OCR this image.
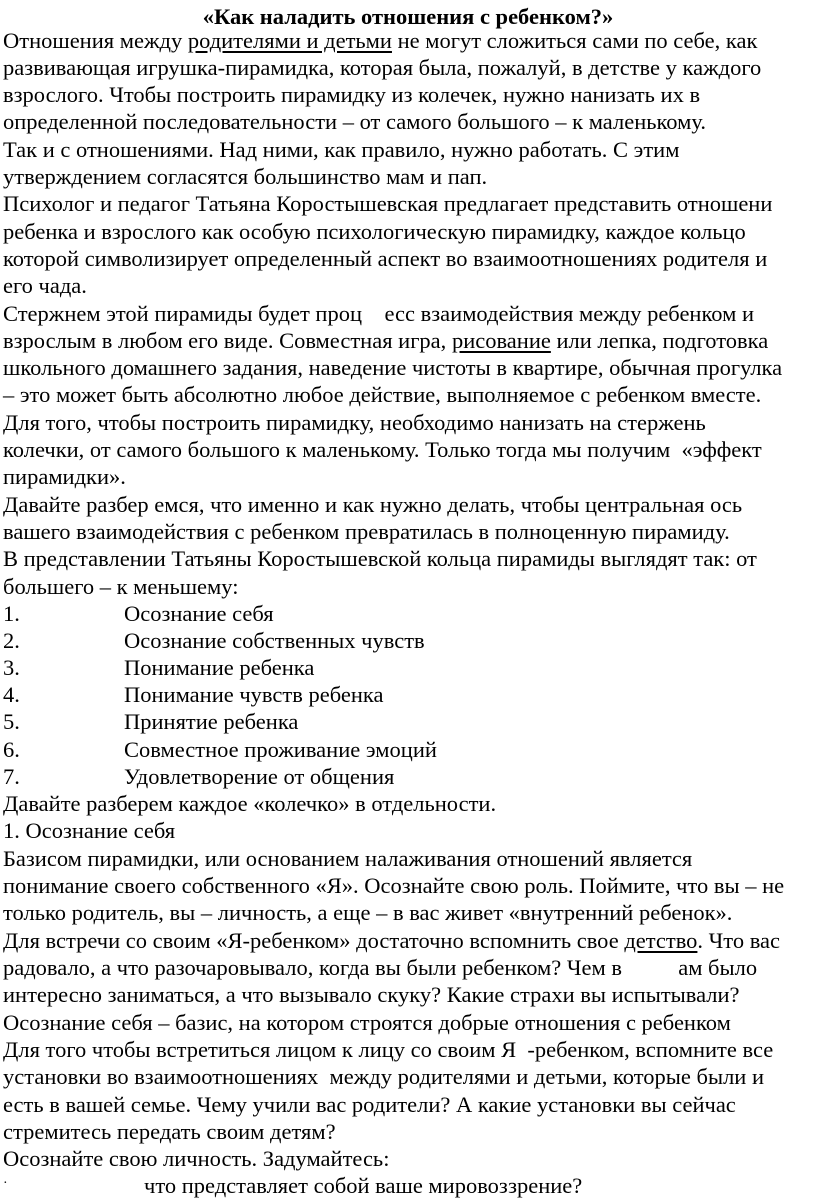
«Как наладить отношения с ребенком?»
Отношения между родителями и детьми не могут сложиться сами по себе, как
развивающая игрушка-пирамидка, которая была, пожалуй, в детстве у каждого
взрослого. Чтобы построить пирамидку из колечек, нужно нанизать их в
определенной последовательности – от самого большого – к маленькому.
Так и с отношениями. Над ними, как правило, нужно работать. С этим
утверждением согласятся большинство мам и пап.
Психолог и педагог Татьяна Коростышевская предлагает представить отношени
ребенка и взрослого как особую психологическую пирамидку, каждое кольцо
которой символизирует определенный аспект во взаимоотношениях родителя и
его чада.
Стержнем этой пирамиды будет проц    есс взаимодействия между ребенком и
взрослым в любом его виде. Совместная игра, рисование или лепка, подготовка
школьного домашнего задания, наведение чистоты в квартире, обычная прогулка
– это может быть абсолютно любое действие, выполняемое с ребенком вместе.
Для того, чтобы построить пирамидку, необходимо нанизать на стержень
колечки, от самого большого к маленькому. Только тогда мы получим  «эффект
пирамидки».
Давайте разбер емся, что именно и как нужно делать, чтобы центральная ось
вашего взаимодействия с ребенком превратилась в полноценную пирамиду.
В представлении Татьяны Коростышевской кольца пирамиды выглядят так: от
большего – к меньшему:
1.	Осознание себя
2.	Осознание собственных чувств
3.	Понимание ребенка
4.	Понимание чувств ребенка
5.	Принятие ребенка
6.	Совместное проживание эмоций
7.	Удовлетворение от общения
Давайте разберем каждое «колечко» в отдельности.
1. Осознание себя
Базисом пирамидки, или основанием налаживания отношений является
понимание своего собственного «Я». Осознайте свою роль. Поймите, что вы – не
только родитель, вы – личность, а еще – в вас живет «внутренний ребенок».
Для встречи со своим «Я-ребенком» достаточно вспомнить свое детство. Что вас
радовало, а что разочаровывало, когда вы были ребенком? Чем в          ам было
интересно заниматься, а что вызывало скуку? Какие страхи вы испытывали?
Осознание себя – базис, на котором строятся добрые отношения с ребенком
Для того чтобы встретиться лицом к лицу со своим Я  -ребенком, вспомните все
установки во взаимоотношениях  между родителями и детьми, которые были и
есть в вашей семье. Чему учили вас родители? А какие установки вы сейчас
стремитесь передать своим детям?
Осознайте свою личность. Задумайтесь:
·	что представляет собой ваше мировоззрение?
